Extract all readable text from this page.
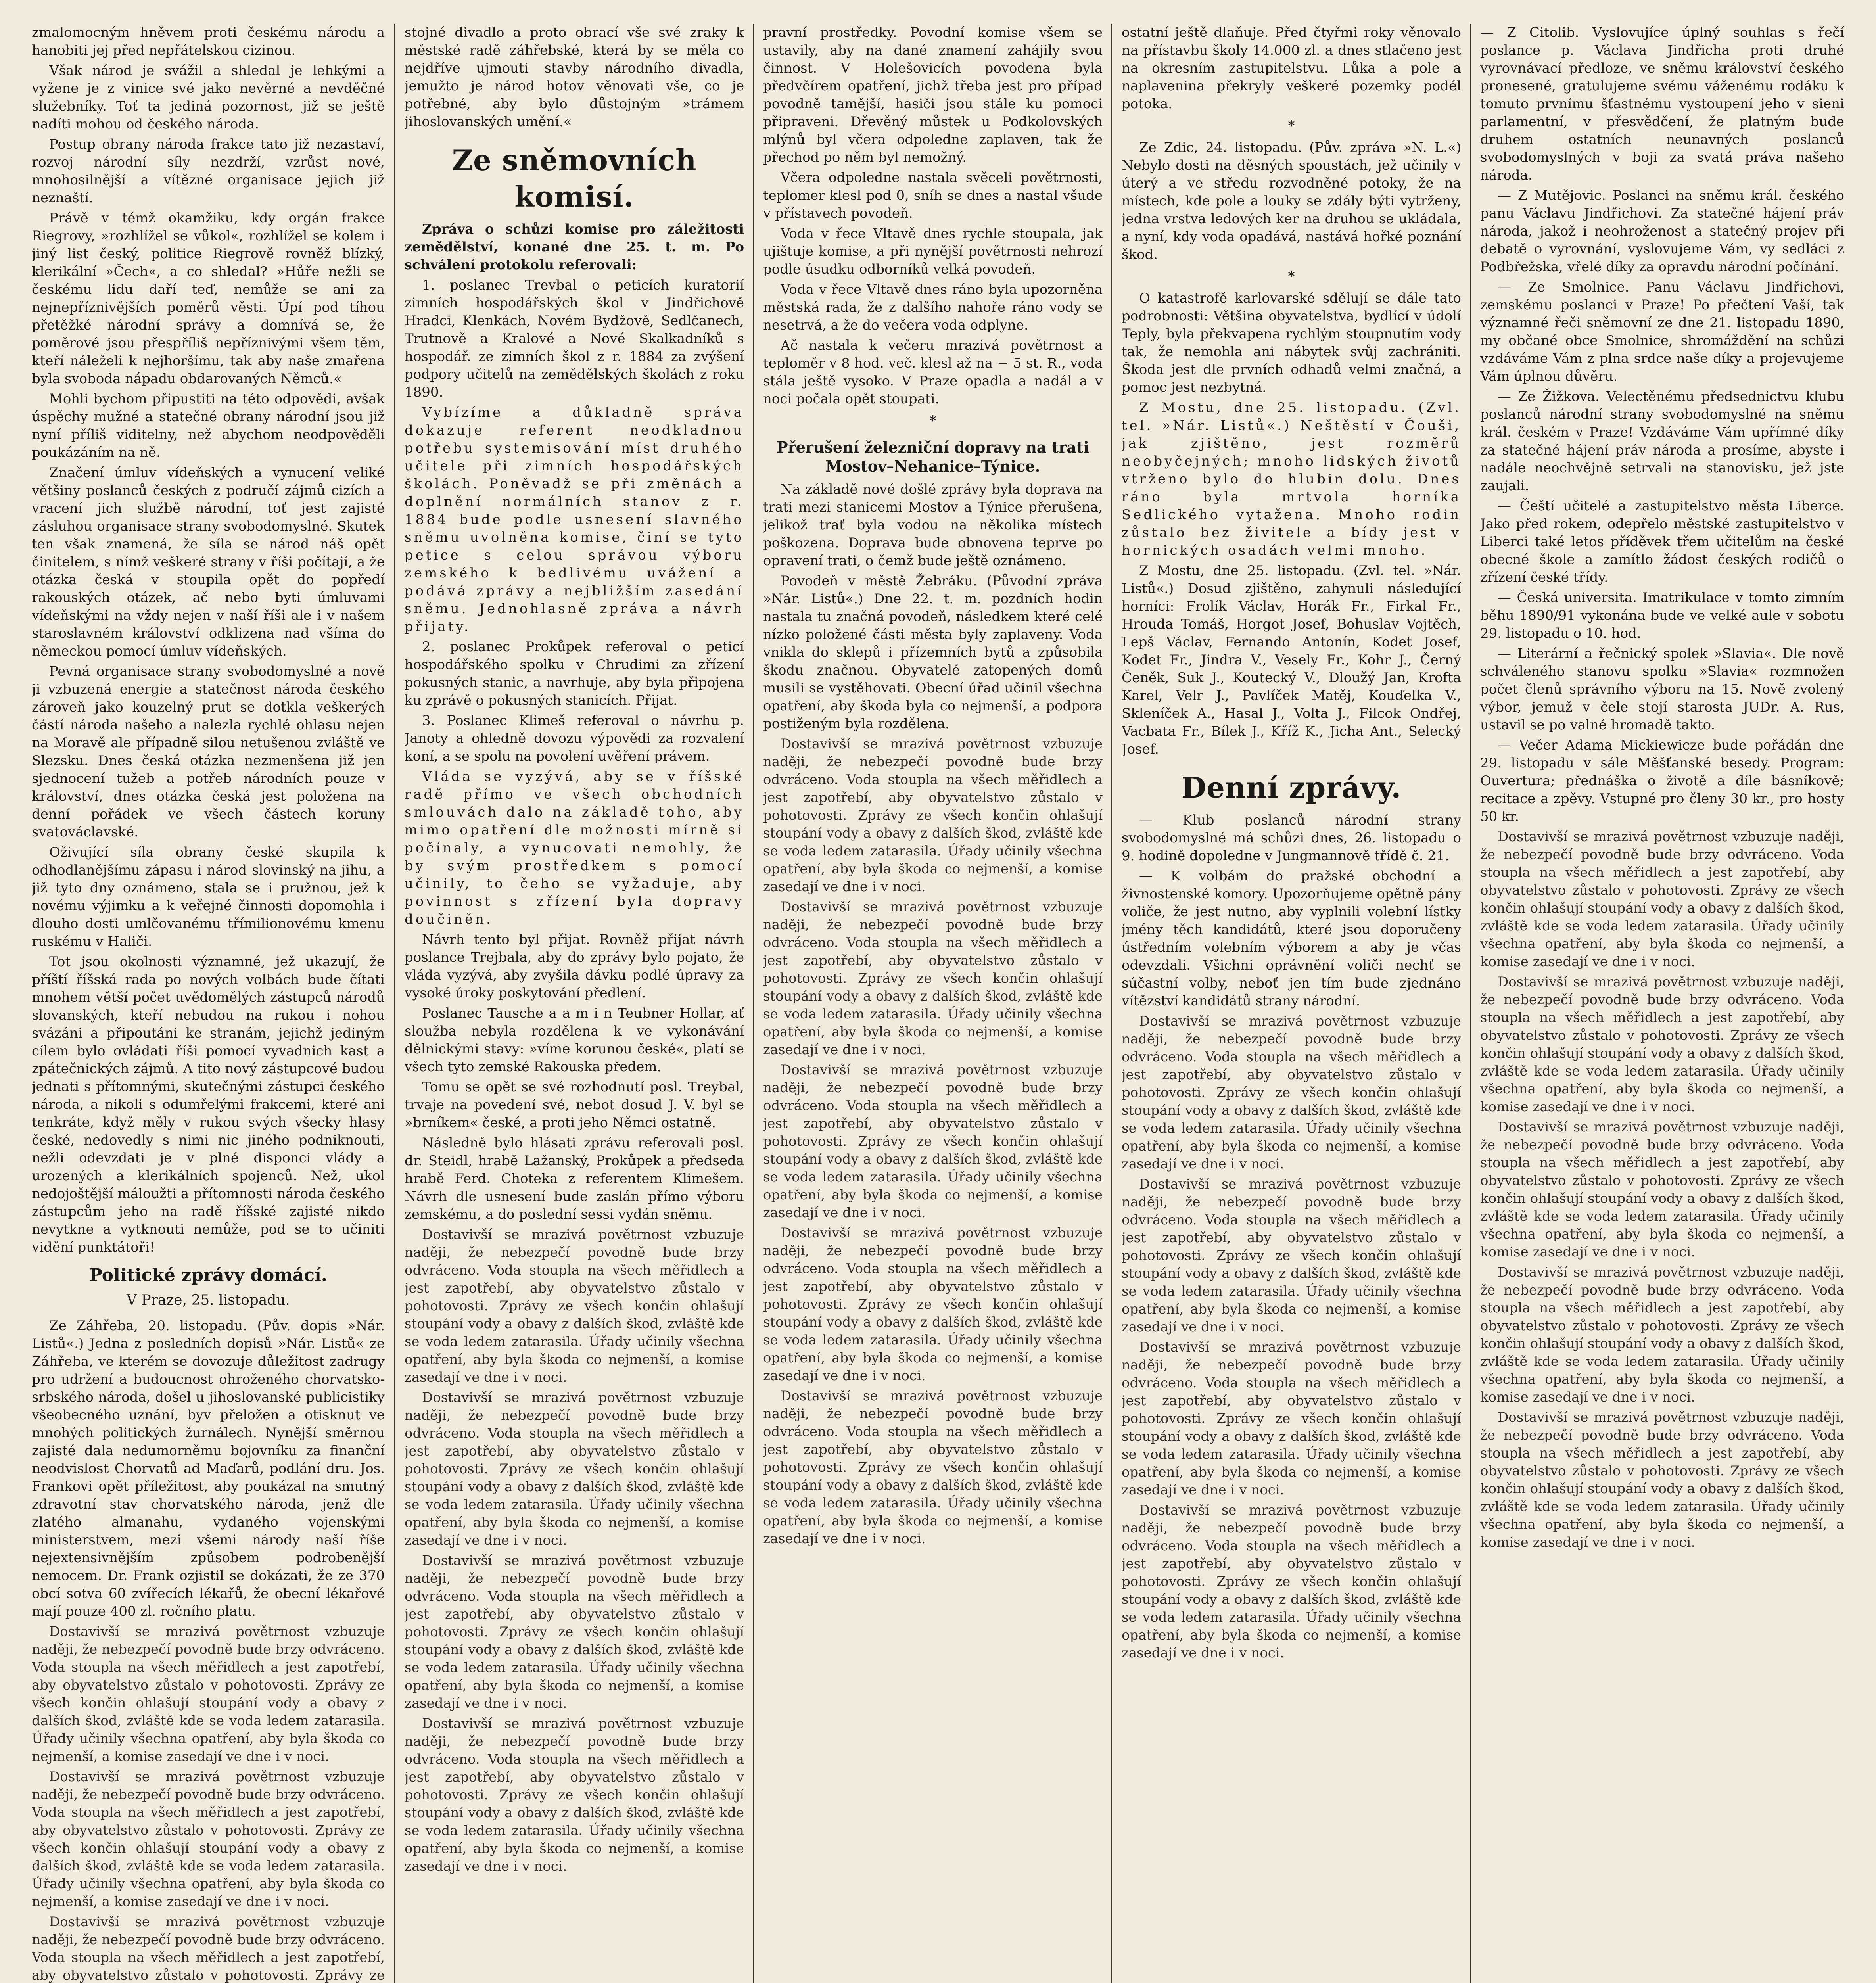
zmalomocným hněvem proti českému národu a hanobiti jej před nepřátelskou cizinou.

Však národ je svážil a shledal je lehkými a vyžene je z vinice své jako nevěrné a nevděčné služebníky. Toť ta jediná pozornost, již se ještě nadíti mohou od českého národa.

Postup obrany národa frakce tato již nezastaví, rozvoj národní síly nezdrží, vzrůst nové, mnohosilnější a vítězné organisace jejich již neznaští.

Právě v témž okamžiku, kdy orgán frakce Riegrovy, »rozhlížel se vůkol«, rozhlížel se kolem i jiný list český, politice Riegrově rovněž blízký, klerikální »Čech«, a co shledal? »Hůře nežli se českému lidu daří teď, nemůže se ani za nejnepříznivějších poměrů věsti. Úpí pod tíhou přetěžké národní správy a domnívá se, že poměrové jsou přespříliš nepříznivými všem těm, kteří náleželi k nejhoršímu, tak aby naše zmařena byla svoboda nápadu obdarovaných Němců.«

Mohli bychom připustiti na této odpovědi, avšak úspěchy mužné a statečné obrany národní jsou již nyní příliš viditelny, než abychom neodpověděli poukázáním na ně.

Značení úmluv vídeňských a vynucení veliké většiny poslanců českých z područí zájmů cizích a vracení jich službě národní, toť jest zajisté zásluhou organisace strany svobodomyslné. Skutek ten však znamená, že síla se národ náš opět činitelem, s nímž veškeré strany v říši počítají, a že otázka česká v stoupila opět do popředí rakouských otázek, ač nebo byti úmluvami vídeňskými na vždy nejen v naší říši ale i v našem staroslavném království odklizena nad všíma do německou pomocí úmluv vídeňských.

Pevná organisace strany svobodomyslné a nově ji vzbuzená energie a statečnost národa českého zároveň jako kouzelný prut se dotkla veškerých částí národa našeho a nalezla rychlé ohlasu nejen na Moravě ale případně silou netušenou zvláště ve Slezsku. Dnes česká otázka nezmenšena již jen sjednocení tužeb a potřeb národních pouze v království, dnes otázka česká jest položena na denní pořádek ve všech částech koruny svatováclavské.

Oživující síla obrany české skupila k odhodlanějšímu zápasu i národ slovinský na jihu, a již tyto dny oznámeno, stala se i pružnou, jež k novému výjimku a k veřejné činnosti dopomohla i dlouho dosti umlčovanému třímilionovému kmenu ruskému v Haliči.

Tot jsou okolnosti významné, jež ukazují, že příští říšská rada po nových volbách bude čítati mnohem větší počet uvědomělých zástupců národů slovanských, kteří nebudou na rukou i nohou svázáni a připoutáni ke stranám, jejichž jediným cílem bylo ovládati říši pomocí vyvadnich kast a zpátečnických zájmů. A tito nový zástupcové budou jednati s přítomnými, skutečnými zástupci českého národa, a nikoli s odumřelými frakcemi, které ani tenkráte, když měly v rukou svých všecky hlasy české, nedovedly s nimi nic jiného podniknouti, nežli odevzdati je v plné disponci vlády a urozených a klerikálních spojenců. Než, ukol nedojoštější máloužti a přítomnosti národa českého zástupcům jeho na radě říšské zajisté nikdo nevytkne a vytknouti nemůže, pod se to učiniti vidění punktátoři!

Politické zprávy domácí.
V Praze, 25. listopadu.

Ze Záhřeba, 20. listopadu. (Pův. dopis »Nár. Listů«.) Jedna z posledních dopisů »Nár. Listů« ze Záhřeba, ve kterém se dovozuje důležitost zadrugy pro udržení a budoucnost ohroženého chorvatsko-srbského národa, došel u jihoslovanské publicistiky všeobecného uznání, byv přeložen a otisknut ve mnohých politických žurnálech. Nynější směrnou zajisté dala nedumorněmu bojovníku za finanční neodvislost Chorvatů ad Maďarů, podlání dru. Jos. Frankovi opět příležitost, aby poukázal na smutný zdravotní stav chorvatského národa, jenž dle zlatého almanahu, vydaného vojenskými ministerstvem, mezi všemi národy naší říše nejextensivnějším způsobem podrobenější nemocem. Dr. Frank ozjistil se dokázati, že ze 370 obcí sotva 60 zvířecích lékařů, že obecní lékařové mají pouze 400 zl. ročního platu.

Dostavivší se mrazivá povětrnost vzbuzuje naději, že nebezpečí povodně bude brzy odvráceno. Voda stoupla na všech měřidlech a jest zapotřebí, aby obyvatelstvo zůstalo v pohotovosti. Zprávy ze všech končin ohlašují stoupání vody a obavy z dalších škod, zvláště kde se voda ledem zatarasila. Úřady učinily všechna opatření, aby byla škoda co nejmenší, a komise zasedají ve dne i v noci.

Dostavivší se mrazivá povětrnost vzbuzuje naději, že nebezpečí povodně bude brzy odvráceno. Voda stoupla na všech měřidlech a jest zapotřebí, aby obyvatelstvo zůstalo v pohotovosti. Zprávy ze všech končin ohlašují stoupání vody a obavy z dalších škod, zvláště kde se voda ledem zatarasila. Úřady učinily všechna opatření, aby byla škoda co nejmenší, a komise zasedají ve dne i v noci.

Dostavivší se mrazivá povětrnost vzbuzuje naději, že nebezpečí povodně bude brzy odvráceno. Voda stoupla na všech měřidlech a jest zapotřebí, aby obyvatelstvo zůstalo v pohotovosti. Zprávy ze

stojné divadlo a proto obrací vše své zraky k městské radě záhřebské, která by se měla co nejdříve ujmouti stavby národního divadla, jemužto je národ hotov věnovati vše, co je potřebné, aby bylo důstojným »trámem jihoslovanských umění.«

Ze sněmovních komisí.

Zpráva o schůzi komise pro záležitosti zemědělství, konané dne 25. t. m. Po schválení protokolu referovali:

1. poslanec Trevbal o peticích kuratorií zimních hospodářských škol v Jindřichově Hradci, Klenkách, Novém Bydžově, Sedlčanech, Trutnově a Kralové a Nové Skalkadníků s hospodář. ze zimních škol z r. 1884 za zvýšení podpory učitelů na zemědělských školách z roku 1890.

Vybízíme a důkladně správa dokazuje referent neodkladnou potřebu systemisování míst druhého učitele při zimních hospodářských školách. Poněvadž se při změnách a doplnění normálních stanov z r. 1884 bude podle usnesení slavného sněmu uvolněna komise, činí se tyto petice s celou správou výboru zemského k bedlivému uvážení a podává zprávy a nejbližším zasedání sněmu. Jednohlasně zpráva a návrh přijaty.

2. poslanec Prokůpek referoval o peticí hospodářského spolku v Chrudimi za zřízení pokusných stanic, a navrhuje, aby byla připojena ku zprávě o pokusných stanicích. Přijat.

3. Poslanec Klimeš referoval o návrhu p. Janoty a ohledně dovozu výpovědi za rozvalení koní, a se spolu na povolení uvěření právem.

Vláda se vyzývá, aby se v říšské radě přímo ve všech obchodních smlouvách dalo na základě toho, aby mimo opatření dle možnosti mírně si počínaly, a vynucovati nemohly, že by svým prostředkem s pomocí učinily, to čeho se vyžaduje, aby povinnost s zřízení byla dopravy doučiněn.

Návrh tento byl přijat. Rovněž přijat návrh poslance Trejbala, aby do zprávy bylo pojato, že vláda vyzývá, aby zvyšila dávku podlé úpravy za vysoké úroky poskytování předlení.

Poslanec Tausche a a m i n Teubner Hollar, ať sloužba nebyla rozdělena k ve vykonávání dělnickými stavy: »víme korunou české«, platí se všech tyto zemské Rakouska předem.

Tomu se opět se své rozhodnutí posl. Treybal, trvaje na povedení své, nebot dosud J. V. byl se »brníkem« české, a proti jeho Němci ostatně.

Následně bylo hlásati zprávu referovali posl. dr. Steidl, hrabě Lažanský, Prokůpek a předseda hrabě Ferd. Choteka z referentem Klimešem. Návrh dle usnesení bude zaslán přímo výboru zemskému, a do poslední sessi vydán sněmu.

Dostavivší se mrazivá povětrnost vzbuzuje naději, že nebezpečí povodně bude brzy odvráceno. Voda stoupla na všech měřidlech a jest zapotřebí, aby obyvatelstvo zůstalo v pohotovosti. Zprávy ze všech končin ohlašují stoupání vody a obavy z dalších škod, zvláště kde se voda ledem zatarasila. Úřady učinily všechna opatření, aby byla škoda co nejmenší, a komise zasedají ve dne i v noci.

Dostavivší se mrazivá povětrnost vzbuzuje naději, že nebezpečí povodně bude brzy odvráceno. Voda stoupla na všech měřidlech a jest zapotřebí, aby obyvatelstvo zůstalo v pohotovosti. Zprávy ze všech končin ohlašují stoupání vody a obavy z dalších škod, zvláště kde se voda ledem zatarasila. Úřady učinily všechna opatření, aby byla škoda co nejmenší, a komise zasedají ve dne i v noci.

Dostavivší se mrazivá povětrnost vzbuzuje naději, že nebezpečí povodně bude brzy odvráceno. Voda stoupla na všech měřidlech a jest zapotřebí, aby obyvatelstvo zůstalo v pohotovosti. Zprávy ze všech končin ohlašují stoupání vody a obavy z dalších škod, zvláště kde se voda ledem zatarasila. Úřady učinily všechna opatření, aby byla škoda co nejmenší, a komise zasedají ve dne i v noci.

Dostavivší se mrazivá povětrnost vzbuzuje naději, že nebezpečí povodně bude brzy odvráceno. Voda stoupla na všech měřidlech a jest zapotřebí, aby obyvatelstvo zůstalo v pohotovosti. Zprávy ze všech končin ohlašují stoupání vody a obavy z dalších škod, zvláště kde se voda ledem zatarasila. Úřady učinily všechna opatření, aby byla škoda co nejmenší, a komise zasedají ve dne i v noci.

pravní prostředky. Povodní komise všem se ustavily, aby na dané znamení zahájily svou činnost. V Holešovicích povodena byla předvčírem opatření, jichž třeba jest pro případ povodně tamější, hasiči jsou stále ku pomoci připraveni. Dřevěný můstek u Podkolovských mlýnů byl včera odpoledne zaplaven, tak že přechod po něm byl nemožný.

Včera odpoledne nastala svěceli povětrnosti, teplomer klesl pod 0, sníh se dnes a nastal všude v přístavech povodeň.

Voda v řece Vltavě dnes rychle stoupala, jak ujištuje komise, a při nynější povětrnosti nehrozí podle úsudku odborníků velká povodeň.

Voda v řece Vltavě dnes ráno byla upozorněna městská rada, že z dalšího nahoře ráno vody se nesetrvá, a že do večera voda odplyne.

Ač nastala k večeru mrazivá povětrnost a teploměr v 8 hod. več. klesl až na − 5 st. R., voda stála ještě vysoko. V Praze opadla a nadál a v noci počala opět stoupati.

*
Přerušení železniční dopravy na trati Mostov–Nehanice–Týnice.

Na základě nové došlé zprávy byla doprava na trati mezi stanicemi Mostov a Týnice přerušena, jelikož trať byla vodou na několika místech poškozena. Doprava bude obnovena teprve po opravení trati, o čemž bude ještě oznámeno.

Povodeň v městě Žebráku. (Původní zpráva »Nár. Listů«.) Dne 22. t. m. pozdních hodin nastala tu značná povodeň, následkem které celé nízko položené části města byly zaplaveny. Voda vnikla do sklepů i přízemních bytů a způsobila škodu značnou. Obyvatelé zatopených domů musili se vystěhovati. Obecní úřad učinil všechna opatření, aby škoda byla co nejmenší, a podpora postiženým byla rozdělena.

Dostavivší se mrazivá povětrnost vzbuzuje naději, že nebezpečí povodně bude brzy odvráceno. Voda stoupla na všech měřidlech a jest zapotřebí, aby obyvatelstvo zůstalo v pohotovosti. Zprávy ze všech končin ohlašují stoupání vody a obavy z dalších škod, zvláště kde se voda ledem zatarasila. Úřady učinily všechna opatření, aby byla škoda co nejmenší, a komise zasedají ve dne i v noci.

Dostavivší se mrazivá povětrnost vzbuzuje naději, že nebezpečí povodně bude brzy odvráceno. Voda stoupla na všech měřidlech a jest zapotřebí, aby obyvatelstvo zůstalo v pohotovosti. Zprávy ze všech končin ohlašují stoupání vody a obavy z dalších škod, zvláště kde se voda ledem zatarasila. Úřady učinily všechna opatření, aby byla škoda co nejmenší, a komise zasedají ve dne i v noci.

Dostavivší se mrazivá povětrnost vzbuzuje naději, že nebezpečí povodně bude brzy odvráceno. Voda stoupla na všech měřidlech a jest zapotřebí, aby obyvatelstvo zůstalo v pohotovosti. Zprávy ze všech končin ohlašují stoupání vody a obavy z dalších škod, zvláště kde se voda ledem zatarasila. Úřady učinily všechna opatření, aby byla škoda co nejmenší, a komise zasedají ve dne i v noci.

Dostavivší se mrazivá povětrnost vzbuzuje naději, že nebezpečí povodně bude brzy odvráceno. Voda stoupla na všech měřidlech a jest zapotřebí, aby obyvatelstvo zůstalo v pohotovosti. Zprávy ze všech končin ohlašují stoupání vody a obavy z dalších škod, zvláště kde se voda ledem zatarasila. Úřady učinily všechna opatření, aby byla škoda co nejmenší, a komise zasedají ve dne i v noci.

Dostavivší se mrazivá povětrnost vzbuzuje naději, že nebezpečí povodně bude brzy odvráceno. Voda stoupla na všech měřidlech a jest zapotřebí, aby obyvatelstvo zůstalo v pohotovosti. Zprávy ze všech končin ohlašují stoupání vody a obavy z dalších škod, zvláště kde se voda ledem zatarasila. Úřady učinily všechna opatření, aby byla škoda co nejmenší, a komise zasedají ve dne i v noci.

ostatní ještě dlaňuje. Před čtyřmi roky věnovalo na přístavbu školy 14.000 zl. a dnes stlačeno jest na okresním zastupitelstvu. Lůka a pole a naplavenina překryly veškeré pozemky podél potoka.

*

Ze Zdic, 24. listopadu. (Pův. zpráva »N. L.«) Nebylo dosti na děsných spoustách, jež učinily v úterý a ve středu rozvodněné potoky, že na místech, kde pole a louky se zdály býti vytrženy, jedna vrstva ledových ker na druhou se ukládala, a nyní, kdy voda opadává, nastává hořké poznání škod.

*

O katastrofě karlovarské sdělují se dále tato podrobnosti: Většina obyvatelstva, bydlící v údolí Teply, byla překvapena rychlým stoupnutím vody tak, že nemohla ani nábytek svůj zachrániti. Škoda jest dle prvních odhadů velmi značná, a pomoc jest nezbytná.

Z Mostu, dne 25. listopadu. (Zvl. tel. »Nár. Listů«.) Neštěstí v Čouši, jak zjištěno, jest rozměrů neobyčejných; mnoho lidských životů vtrženo bylo do hlubin dolu. Dnes ráno byla mrtvola horníka Sedlického vytažena. Mnoho rodin zůstalo bez živitele a bídy jest v hornických osadách velmi mnoho.

Z Mostu, dne 25. listopadu. (Zvl. tel. »Nár. Listů«.) Dosud zjištěno, zahynuli následující horníci: Frolík Václav, Horák Fr., Firkal Fr., Hrouda Tomáš, Horgot Josef, Bohuslav Vojtěch, Lepš Václav, Fernando Antonín, Kodet Josef, Kodet Fr., Jindra V., Vesely Fr., Kohr J., Černý Čeněk, Suk J., Koutecký V., Dloužý Jan, Krofta Karel, Velr J., Pavlíček Matěj, Kouďelka V., Skleníček A., Hasal J., Volta J., Filcok Ondřej, Vacbata Fr., Bílek J., Kříž K., Jicha Ant., Selecký Josef.

Denní zprávy.

— Klub poslanců národní strany svobodomyslné má schůzi dnes, 26. listopadu o 9. hodině dopoledne v Jungmannově třídě č. 21.

— K volbám do pražské obchodní a živnostenské komory. Upozorňujeme opětně pány voliče, že jest nutno, aby vyplnili volební lístky jmény těch kandidátů, které jsou doporučeny ústředním volebním výborem a aby je včas odevzdali. Všichni oprávnění voliči nechť se súčastní volby, neboť jen tím bude zjednáno vítězství kandidátů strany národní.

Dostavivší se mrazivá povětrnost vzbuzuje naději, že nebezpečí povodně bude brzy odvráceno. Voda stoupla na všech měřidlech a jest zapotřebí, aby obyvatelstvo zůstalo v pohotovosti. Zprávy ze všech končin ohlašují stoupání vody a obavy z dalších škod, zvláště kde se voda ledem zatarasila. Úřady učinily všechna opatření, aby byla škoda co nejmenší, a komise zasedají ve dne i v noci.

Dostavivší se mrazivá povětrnost vzbuzuje naději, že nebezpečí povodně bude brzy odvráceno. Voda stoupla na všech měřidlech a jest zapotřebí, aby obyvatelstvo zůstalo v pohotovosti. Zprávy ze všech končin ohlašují stoupání vody a obavy z dalších škod, zvláště kde se voda ledem zatarasila. Úřady učinily všechna opatření, aby byla škoda co nejmenší, a komise zasedají ve dne i v noci.

Dostavivší se mrazivá povětrnost vzbuzuje naději, že nebezpečí povodně bude brzy odvráceno. Voda stoupla na všech měřidlech a jest zapotřebí, aby obyvatelstvo zůstalo v pohotovosti. Zprávy ze všech končin ohlašují stoupání vody a obavy z dalších škod, zvláště kde se voda ledem zatarasila. Úřady učinily všechna opatření, aby byla škoda co nejmenší, a komise zasedají ve dne i v noci.

Dostavivší se mrazivá povětrnost vzbuzuje naději, že nebezpečí povodně bude brzy odvráceno. Voda stoupla na všech měřidlech a jest zapotřebí, aby obyvatelstvo zůstalo v pohotovosti. Zprávy ze všech končin ohlašují stoupání vody a obavy z dalších škod, zvláště kde se voda ledem zatarasila. Úřady učinily všechna opatření, aby byla škoda co nejmenší, a komise zasedají ve dne i v noci.

— Z Citolib. Vyslovujíce úplný souhlas s řečí poslance p. Václava Jindřicha proti druhé vyrovnávací předloze, ve sněmu království českého pronesené, gratulujeme svému váženému rodáku k tomuto prvnímu šťastnému vystoupení jeho v sieni parlamentní, v přesvědčení, že platným bude druhem ostatních neunavných poslanců svobodomyslných v boji za svatá práva našeho národa.

— Z Mutějovic. Poslanci na sněmu král. českého panu Václavu Jindřichovi. Za statečné hájení práv národa, jakož i neohroženost a statečný projev při debatě o vyrovnání, vyslovujeme Vám, vy sedláci z Podbřežska, vřelé díky za opravdu národní počínání.

— Ze Smolnice. Panu Václavu Jindřichovi, zemskému poslanci v Praze! Po přečtení Vaší, tak významné řeči sněmovní ze dne 21. listopadu 1890, my občané obce Smolnice, shromáždění na schůzi vzdáváme Vám z plna srdce naše díky a projevujeme Vám úplnou důvěru.

— Ze Žižkova. Velectěnému předsednictvu klubu poslanců národní strany svobodomyslné na sněmu král. českém v Praze! Vzdáváme Vám upřímné díky za statečné hájení práv národa a prosíme, abyste i nadále neochvějně setrvali na stanovisku, jež jste zaujali.

— Čeští učitelé a zastupitelstvo města Liberce. Jako před rokem, odepřelo městské zastupitelstvo v Liberci také letos příděvek třem učitelům na české obecné škole a zamítlo žádost českých rodičů o zřízení české třídy.

— Česká universita. Imatrikulace v tomto zimním běhu 1890/91 vykonána bude ve velké aule v sobotu 29. listopadu o 10. hod.

— Literární a řečnický spolek »Slavia«. Dle nově schváleného stanovu spolku »Slavia« rozmnožen počet členů správního výboru na 15. Nově zvolený výbor, jemuž v čele stojí starosta JUDr. A. Rus, ustavil se po valné hromadě takto.

— Večer Adama Mickiewicze bude pořádán dne 29. listopadu v sále Měšťanské besedy. Program: Ouvertura; přednáška o životě a díle básníkově; recitace a zpěvy. Vstupné pro členy 30 kr., pro hosty 50 kr.

Dostavivší se mrazivá povětrnost vzbuzuje naději, že nebezpečí povodně bude brzy odvráceno. Voda stoupla na všech měřidlech a jest zapotřebí, aby obyvatelstvo zůstalo v pohotovosti. Zprávy ze všech končin ohlašují stoupání vody a obavy z dalších škod, zvláště kde se voda ledem zatarasila. Úřady učinily všechna opatření, aby byla škoda co nejmenší, a komise zasedají ve dne i v noci.

Dostavivší se mrazivá povětrnost vzbuzuje naději, že nebezpečí povodně bude brzy odvráceno. Voda stoupla na všech měřidlech a jest zapotřebí, aby obyvatelstvo zůstalo v pohotovosti. Zprávy ze všech končin ohlašují stoupání vody a obavy z dalších škod, zvláště kde se voda ledem zatarasila. Úřady učinily všechna opatření, aby byla škoda co nejmenší, a komise zasedají ve dne i v noci.

Dostavivší se mrazivá povětrnost vzbuzuje naději, že nebezpečí povodně bude brzy odvráceno. Voda stoupla na všech měřidlech a jest zapotřebí, aby obyvatelstvo zůstalo v pohotovosti. Zprávy ze všech končin ohlašují stoupání vody a obavy z dalších škod, zvláště kde se voda ledem zatarasila. Úřady učinily všechna opatření, aby byla škoda co nejmenší, a komise zasedají ve dne i v noci.

Dostavivší se mrazivá povětrnost vzbuzuje naději, že nebezpečí povodně bude brzy odvráceno. Voda stoupla na všech měřidlech a jest zapotřebí, aby obyvatelstvo zůstalo v pohotovosti. Zprávy ze všech končin ohlašují stoupání vody a obavy z dalších škod, zvláště kde se voda ledem zatarasila. Úřady učinily všechna opatření, aby byla škoda co nejmenší, a komise zasedají ve dne i v noci.

Dostavivší se mrazivá povětrnost vzbuzuje naději, že nebezpečí povodně bude brzy odvráceno. Voda stoupla na všech měřidlech a jest zapotřebí, aby obyvatelstvo zůstalo v pohotovosti. Zprávy ze všech končin ohlašují stoupání vody a obavy z dalších škod, zvláště kde se voda ledem zatarasila. Úřady učinily všechna opatření, aby byla škoda co nejmenší, a komise zasedají ve dne i v noci.
